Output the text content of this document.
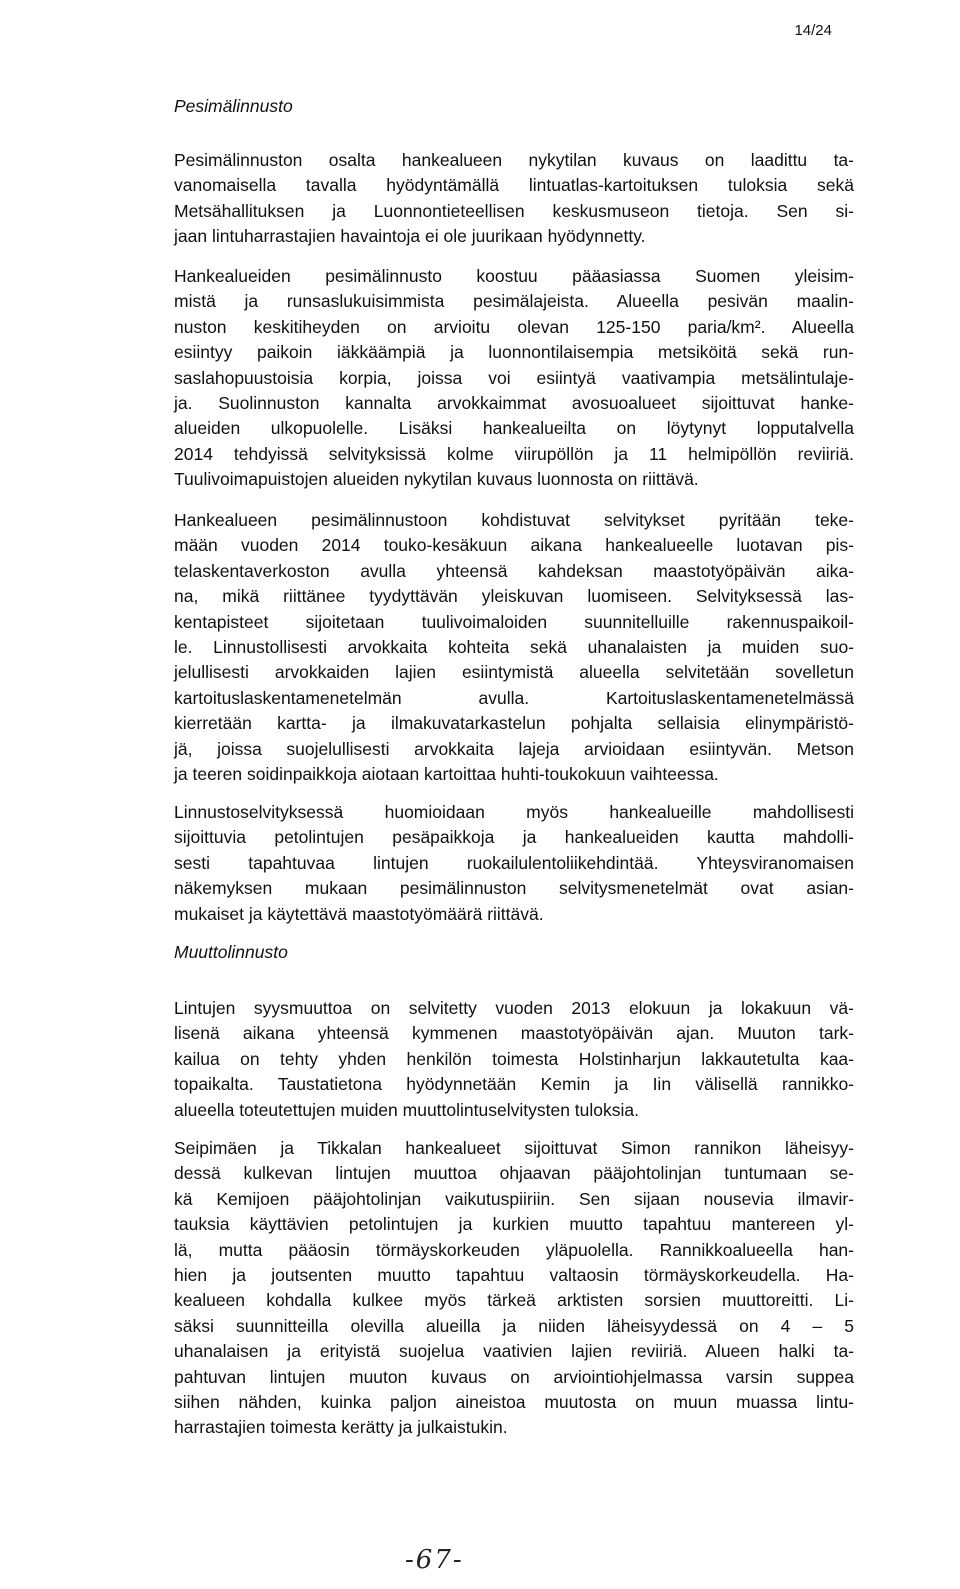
14/24
Pesimälinnusto
Pesimälinnuston osalta hankealueen nykytilan kuvaus on laadittu ta-
vanomaisella tavalla hyödyntämällä lintuatlas-kartoituksen tuloksia sekä
Metsähallituksen ja Luonnontieteellisen keskusmuseon tietoja. Sen si-
jaan lintuharrastajien havaintoja ei ole juurikaan hyödynnetty.
Hankealueiden pesimälinnusto koostuu pääasiassa Suomen yleisim-
mistä ja runsaslukuisimmista pesimälajeista. Alueella pesivän maalin-
nuston keskitiheyden on arvioitu olevan 125-150 paria/km². Alueella
esiintyy paikoin iäkkäämpiä ja luonnontilaisempia metsiköitä sekä run-
saslahopuustoisia korpia, joissa voi esiintyä vaativampia metsälintulaje-
ja. Suolinnuston kannalta arvokkaimmat avosuoalueet sijoittuvat hanke-
alueiden ulkopuolelle. Lisäksi hankealueilta on löytynyt lopputalvella
2014 tehdyissä selvityksissä kolme viirupöllön ja 11 helmipöllön reviiriä.
Tuulivoimapuistojen alueiden nykytilan kuvaus luonnosta on riittävä.
Hankealueen pesimälinnustoon kohdistuvat selvitykset pyritään teke-
mään vuoden 2014 touko-kesäkuun aikana hankealueelle luotavan pis-
telaskentaverkoston avulla yhteensä kahdeksan maastotyöpäivän aika-
na, mikä riittänee tyydyttävän yleiskuvan luomiseen. Selvityksessä las-
kentapisteet sijoitetaan tuulivoimaloiden suunnitelluille rakennuspaikoil-
le. Linnustollisesti arvokkaita kohteita sekä uhanalaisten ja muiden suo-
jelullisesti arvokkaiden lajien esiintymistä alueella selvitetään sovelletun
kartoituslaskentamenetelmän avulla. Kartoituslaskentamenetelmässä
kierretään kartta- ja ilmakuvatarkastelun pohjalta sellaisia elinympäristö-
jä, joissa suojelullisesti arvokkaita lajeja arvioidaan esiintyvän. Metson
ja teeren soidinpaikkoja aiotaan kartoittaa huhti-toukokuun vaihteessa.
Linnustoselvityksessä huomioidaan myös hankealueille mahdollisesti
sijoittuvia petolintujen pesäpaikkoja ja hankealueiden kautta mahdolli-
sesti tapahtuvaa lintujen ruokailulentoliikehdintää. Yhteysviranomaisen
näkemyksen mukaan pesimälinnuston selvitysmenetelmät ovat asian-
mukaiset ja käytettävä maastotyömäärä riittävä.
Muuttolinnusto
Lintujen syysmuuttoa on selvitetty vuoden 2013 elokuun ja lokakuun vä-
lisenä aikana yhteensä kymmenen maastotyöpäivän ajan. Muuton tark-
kailua on tehty yhden henkilön toimesta Holstinharjun lakkautetulta kaa-
topaikalta. Taustatietona hyödynnetään Kemin ja Iin välisellä rannikko-
alueella toteutettujen muiden muuttolintuselvitysten tuloksia.
Seipimäen ja Tikkalan hankealueet sijoittuvat Simon rannikon läheisyy-
dessä kulkevan lintujen muuttoa ohjaavan pääjohtolinjan tuntumaan se-
kä Kemijoen pääjohtolinjan vaikutuspiiriin. Sen sijaan nousevia ilmavir-
tauksia käyttävien petolintujen ja kurkien muutto tapahtuu mantereen yl-
lä, mutta pääosin törmäyskorkeuden yläpuolella. Rannikkoalueella han-
hien ja joutsenten muutto tapahtuu valtaosin törmäyskorkeudella. Ha-
kealueen kohdalla kulkee myös tärkeä arktisten sorsien muuttoreitti. Li-
säksi suunnitteilla olevilla alueilla ja niiden läheisyydessä on 4 – 5
uhanalaisen ja erityistä suojelua vaativien lajien reviiriä. Alueen halki ta-
pahtuvan lintujen muuton kuvaus on arviointiohjelmassa varsin suppea
siihen nähden, kuinka paljon aineistoa muutosta on muun muassa lintu-
harrastajien toimesta kerätty ja julkaistukin.
-67-
